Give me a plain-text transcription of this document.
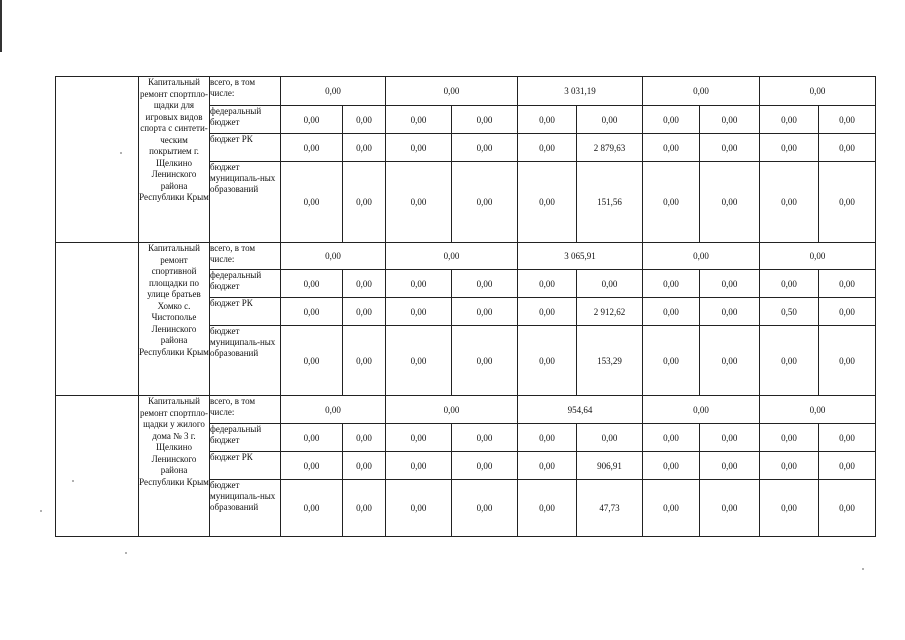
	Капитальный ремонт спортпло-щадки для игровых видов спорта с синтети-ческим покрытием г. Щелкино Ленинского района Республики Крым	всего, в том числе:	0,00		0,00		3 031,19		0,00		0,00	
		федеральный бюджет	0,00	0,00	0,00	0,00	0,00	0,00	0,00	0,00	0,00	0,00
		бюджет РК	0,00	0,00	0,00	0,00	0,00	2 879,63	0,00	0,00	0,00	0,00
		бюджет муниципаль-ных образований	0,00	0,00	0,00	0,00	0,00	151,56	0,00	0,00	0,00	0,00
	Капитальный ремонт спортивной площадки по улице братьев Хомко с. Чистополье Ленинского района Республики Крым	всего, в том числе:	0,00		0,00		3 065,91		0,00		0,00	
		федеральный бюджет	0,00	0,00	0,00	0,00	0,00	0,00	0,00	0,00	0,00	0,00
		бюджет РК	0,00	0,00	0,00	0,00	0,00	2 912,62	0,00	0,00	0,50	0,00
		бюджет муниципаль-ных образований	0,00	0,00	0,00	0,00	0,00	153,29	0,00	0,00	0,00	0,00
	Капитальный ремонт спортпло-щадки у жилого дома № 3 г. Щелкино Ленинского района Республики Крым	всего, в том числе:	0,00		0,00		954,64		0,00		0,00	
		федеральный бюджет	0,00	0,00	0,00	0,00	0,00	0,00	0,00	0,00	0,00	0,00
		бюджет РК	0,00	0,00	0,00	0,00	0,00	906,91	0,00	0,00	0,00	0,00
		бюджет муниципаль-ных образований	0,00	0,00	0,00	0,00	0,00	47,73	0,00	0,00	0,00	0,00
